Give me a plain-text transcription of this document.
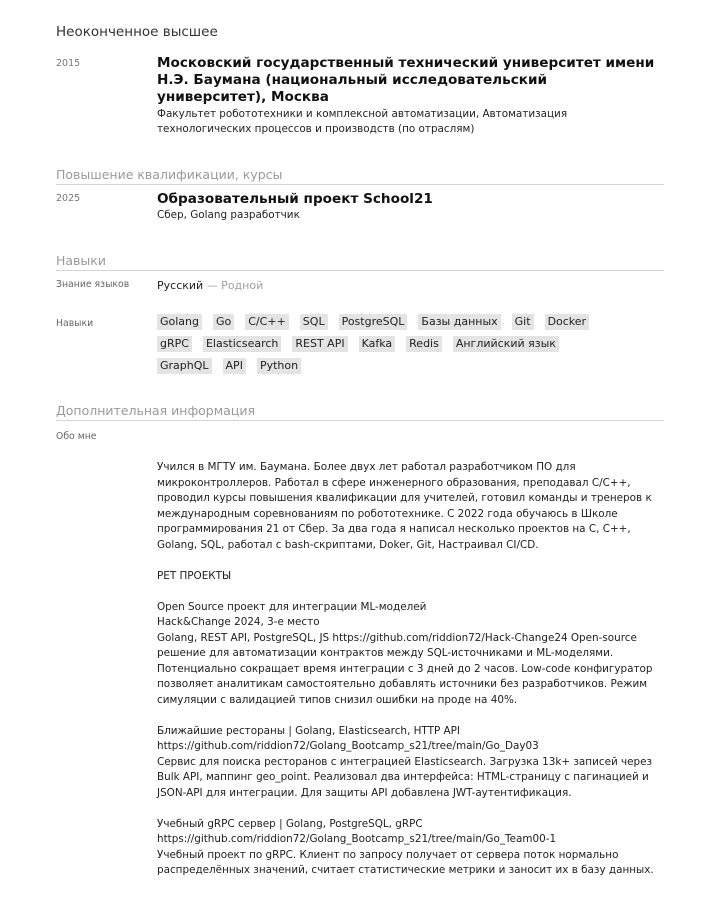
Неоконченное высшее
2015	Московский государственный технический университет имени Н.Э. Баумана (национальный исследовательский университет), Москва
Факультет робототехники и комплексной автоматизации, Автоматизация технологических процессов и производств (по отраслям)
Повышение квалификации, курсы
2025	Образовательный проект School21
Сбер, Golang разработчик
Навыки
Знание языков	Русский — Родной
Навыки	Golang Go C/C++ SQL PostgreSQL Базы данных Git Docker
gRPC Elasticsearch REST API Kafka Redis Английский язык
GraphQL API Python
Дополнительная информация
Обо мне

Учился в МГТУ им. Баумана. Более двух лет работал разработчиком ПО для микроконтроллеров. Работал в сфере инженерного образования, преподавал C/C++, проводил курсы повышения квалификации для учителей, готовил команды и тренеров к международным соревнованиям по робототехнике. С 2022 года обучаюсь в Школе программирования 21 от Сбер. За два года я написал несколько проектов на C, C++, Golang, SQL, работал с bash-скриптами, Doker, Git, Настраивал CI/CD.

PET ПРОЕКТЫ

Open Source проект для интеграции ML-моделей

Hack&Change 2024, 3-е место

Golang, REST API, PostgreSQL, JS https://github.com/riddion72/Hack-Change24 Open-source решение для автоматизации контрактов между SQL-источниками и ML-моделями. Потенциально сокращает время интеграции с 3 дней до 2 часов. Low-code конфигуратор позволяет аналитикам самостоятельно добавлять источники без разработчиков. Режим симуляции с валидацией типов снизил ошибки на проде на 40%.

Ближайшие рестораны | Golang, Elasticsearch, HTTP API

https://github.com/riddion72/Golang_Bootcamp_s21/tree/main/Go_Day03

Сервис для поиска ресторанов с интеграцией Elasticsearch. Загрузка 13k+ записей через Bulk API, маппинг geo_point. Реализовал два интерфейса: HTML-страницу с пагинацией и JSON-API для интеграции. Для защиты API добавлена JWT-аутентификация.

Учебный gRPC сервер | Golang, PostgreSQL, gRPC

https://github.com/riddion72/Golang_Bootcamp_s21/tree/main/Go_Team00-1

Учебный проект по gRPC. Клиент по запросу получает от сервера поток нормально распределённых значений, считает статистические метрики и заносит их в базу данных.
